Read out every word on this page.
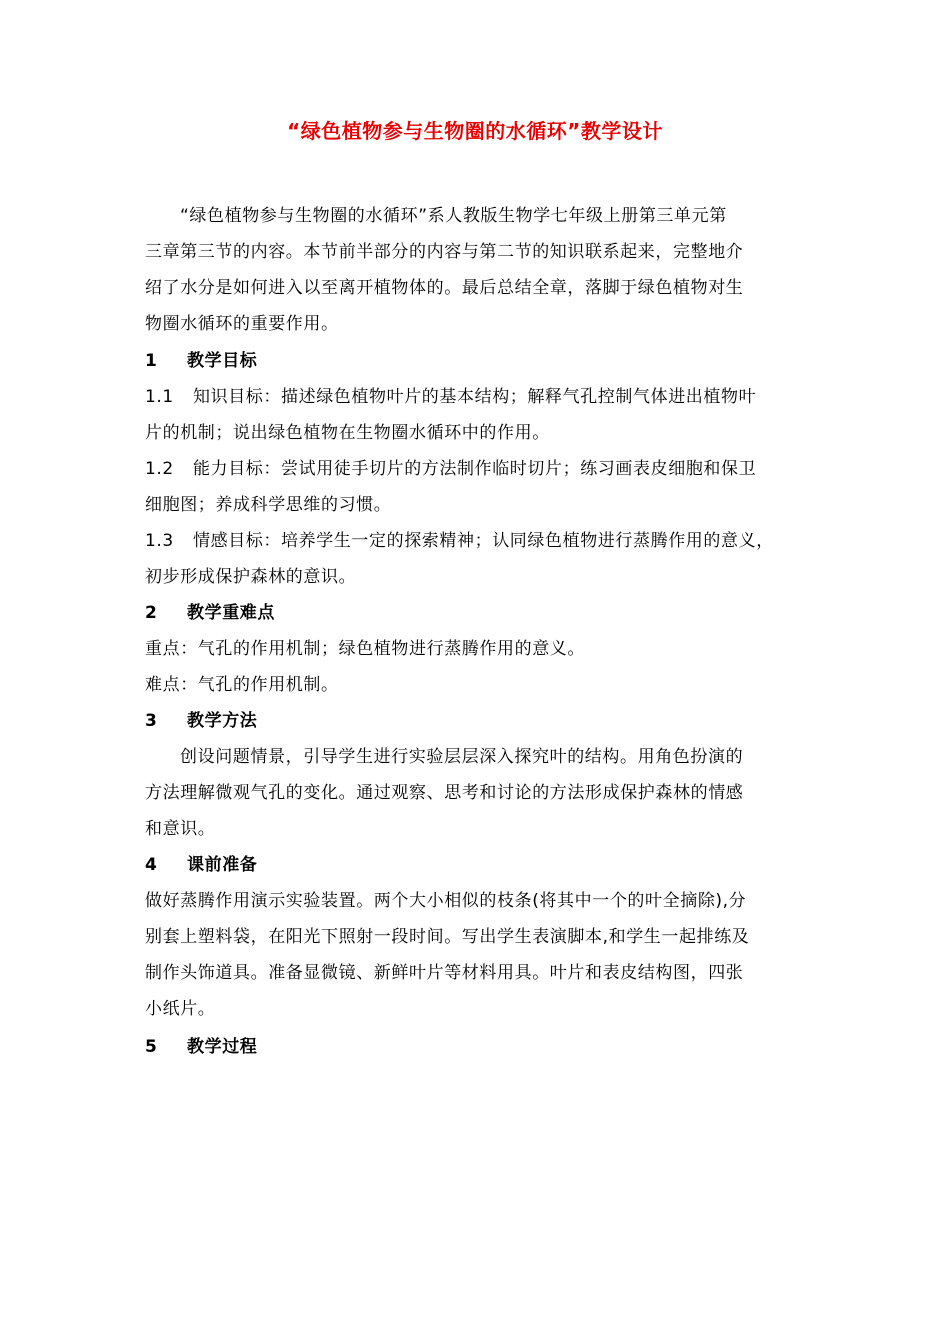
“绿色植物参与生物圈的水循环”教学设计
“绿色植物参与生物圈的水循环”系人教版生物学七年级上册第三单元第
三章第三节的内容。本节前半部分的内容与第二节的知识联系起来，完整地介
绍了水分是如何进入以至离开植物体的。最后总结全章，落脚于绿色植物对生
物圈水循环的重要作用。
1 教学目标
1.1 知识目标：描述绿色植物叶片的基本结构；解释气孔控制气体进出植物叶
片的机制；说出绿色植物在生物圈水循环中的作用。
1.2 能力目标：尝试用徒手切片的方法制作临时切片；练习画表皮细胞和保卫
细胞图；养成科学思维的习惯。
1.3 情感目标：培养学生一定的探索精神；认同绿色植物进行蒸腾作用的意义，
初步形成保护森林的意识。
2 教学重难点
重点：气孔的作用机制；绿色植物进行蒸腾作用的意义。
难点：气孔的作用机制。
3 教学方法
创设问题情景，引导学生进行实验层层深入探究叶的结构。用角色扮演的
方法理解微观气孔的变化。通过观察、思考和讨论的方法形成保护森林的情感
和意识。
4 课前准备
做好蒸腾作用演示实验装置。两个大小相似的枝条(将其中一个的叶全摘除),分
别套上塑料袋，在阳光下照射一段时间。写出学生表演脚本,和学生一起排练及
制作头饰道具。准备显微镜、新鲜叶片等材料用具。叶片和表皮结构图，四张
小纸片。
5 教学过程
